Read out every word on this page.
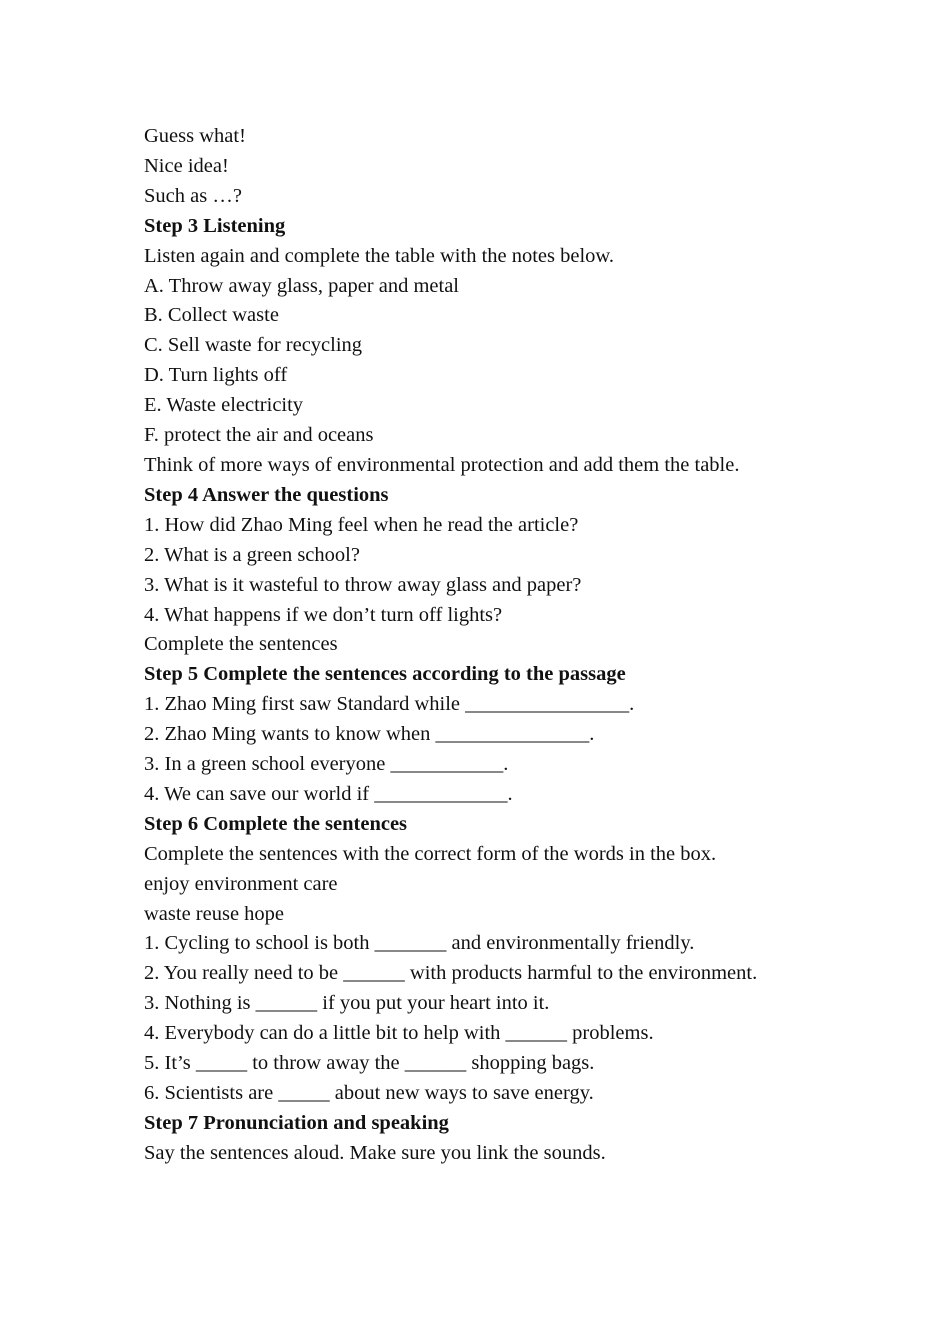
Guess what!
Nice idea!
Such as …?
Step 3 Listening
Listen again and complete the table with the notes below.
A. Throw away glass, paper and metal
B. Collect waste
C. Sell waste for recycling
D. Turn lights off
E. Waste electricity
F. protect the air and oceans
Think of more ways of environmental protection and add them the table.
Step 4 Answer the questions
1. How did Zhao Ming feel when he read the article?
2. What is a green school?
3. What is it wasteful to throw away glass and paper?
4. What happens if we don’t turn off lights?
Complete the sentences
Step 5 Complete the sentences according to the passage
1. Zhao Ming first saw Standard while ________________.
2. Zhao Ming wants to know when _______________.
3. In a green school everyone ___________.
4. We can save our world if _____________.
Step 6 Complete the sentences
Complete the sentences with the correct form of the words in the box.
enjoy environment care
waste reuse hope
1. Cycling to school is both _______ and environmentally friendly.
2. You really need to be ______ with products harmful to the environment.
3. Nothing is ______ if you put your heart into it.
4. Everybody can do a little bit to help with ______ problems.
5. It’s _____ to throw away the ______ shopping bags.
6. Scientists are _____ about new ways to save energy.
Step 7 Pronunciation and speaking
Say the sentences aloud. Make sure you link the sounds.
